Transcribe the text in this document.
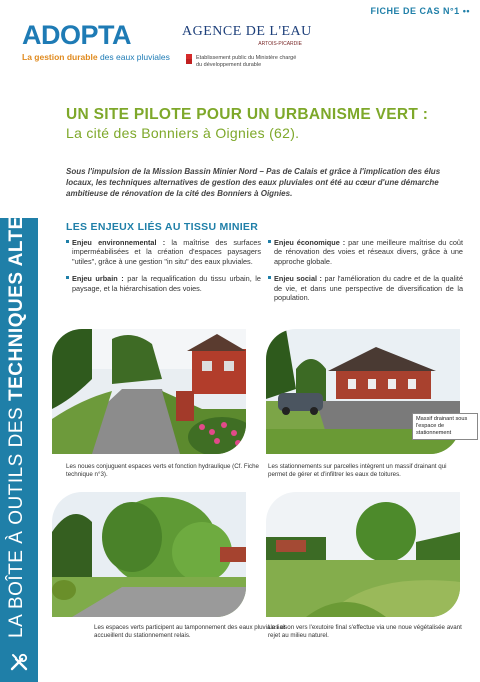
FICHE DE CAS N°1 ••
ADOPTA
La gestion durable des eaux pluviales
AGENCE DE L'EAU
ARTOIS-PICARDIE
Etablissement public du Ministère chargé
du développement durable
LA BOÎTE À OUTILS DES TECHNIQUES ALTERNATIVES
UN SITE PILOTE POUR UN URBANISME VERT :
La cité des Bonniers à Oignies (62).
Sous l'impulsion de la Mission Bassin Minier Nord – Pas de Calais et grâce à l'implication des élus locaux, les techniques alternatives de gestion des eaux pluviales ont été au cœur d'une démarche ambitieuse de rénovation de la cité des Bonniers à Oignies.
LES ENJEUX LIÉS AU TISSU MINIER
Enjeu environnemental : la maîtrise des surfaces imperméabilisées et la création d'espaces paysagers "utiles", grâce à une gestion "in situ" des eaux pluviales.
Enjeu urbain : par la requalification du tissu urbain, le paysage, et la hiérarchisation des voies.
Enjeu économique : par une meilleure maîtrise du coût de rénovation des voies et réseaux divers, grâce à une approche globale.
Enjeu social : par l'amélioration du cadre et de la qualité de vie, et dans une perspective de diversification de la population.
Les noues conjuguent espaces verts et fonction hydraulique (Cf. Fiche technique n°3).
Massif drainant sous l'espace de stationnement
Les stationnements sur parcelles intègrent un massif drainant qui permet de gérer et d'infiltrer les eaux de toitures.
Les espaces verts participent au tamponnement des eaux pluviales et accueillent du stationnement relais.
La liaison vers l'exutoire final s'effectue via une noue végétalisée avant rejet au milieu naturel.
